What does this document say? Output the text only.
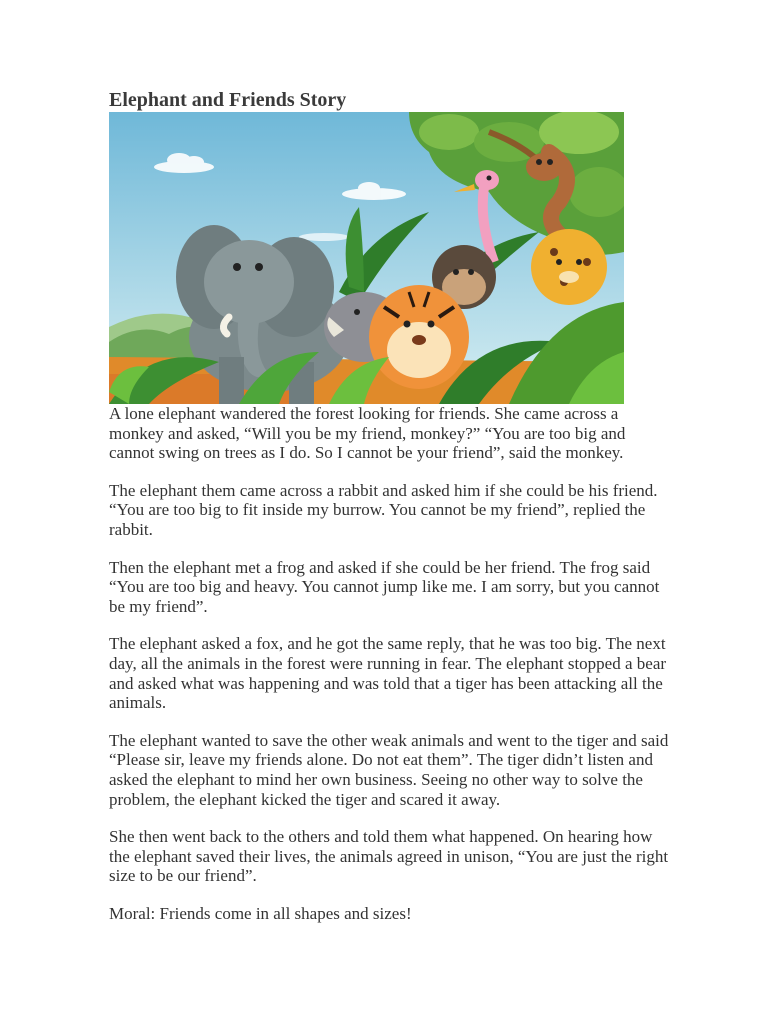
Elephant and Friends Story

A lone elephant wandered the forest looking for friends. She came across a monkey and asked, “Will you be my friend, monkey?” “You are too big and cannot swing on trees as I do. So I cannot be your friend”, said the monkey.

The elephant them came across a rabbit and asked him if she could be his friend. “You are too big to fit inside my burrow. You cannot be my friend”, replied the rabbit.

Then the elephant met a frog and asked if she could be her friend. The frog said “You are too big and heavy. You cannot jump like me. I am sorry, but you cannot be my friend”.

The elephant asked a fox, and he got the same reply, that he was too big. The next day, all the animals in the forest were running in fear. The elephant stopped a bear and asked what was happening and was told that a tiger has been attacking all the animals.

The elephant wanted to save the other weak animals and went to the tiger and said “Please sir, leave my friends alone. Do not eat them”. The tiger didn’t listen and asked the elephant to mind her own business. Seeing no other way to solve the problem, the elephant kicked the tiger and scared it away.

She then went back to the others and told them what happened. On hearing how the elephant saved their lives, the animals agreed in unison, “You are just the right size to be our friend”.

Moral: Friends come in all shapes and sizes!
